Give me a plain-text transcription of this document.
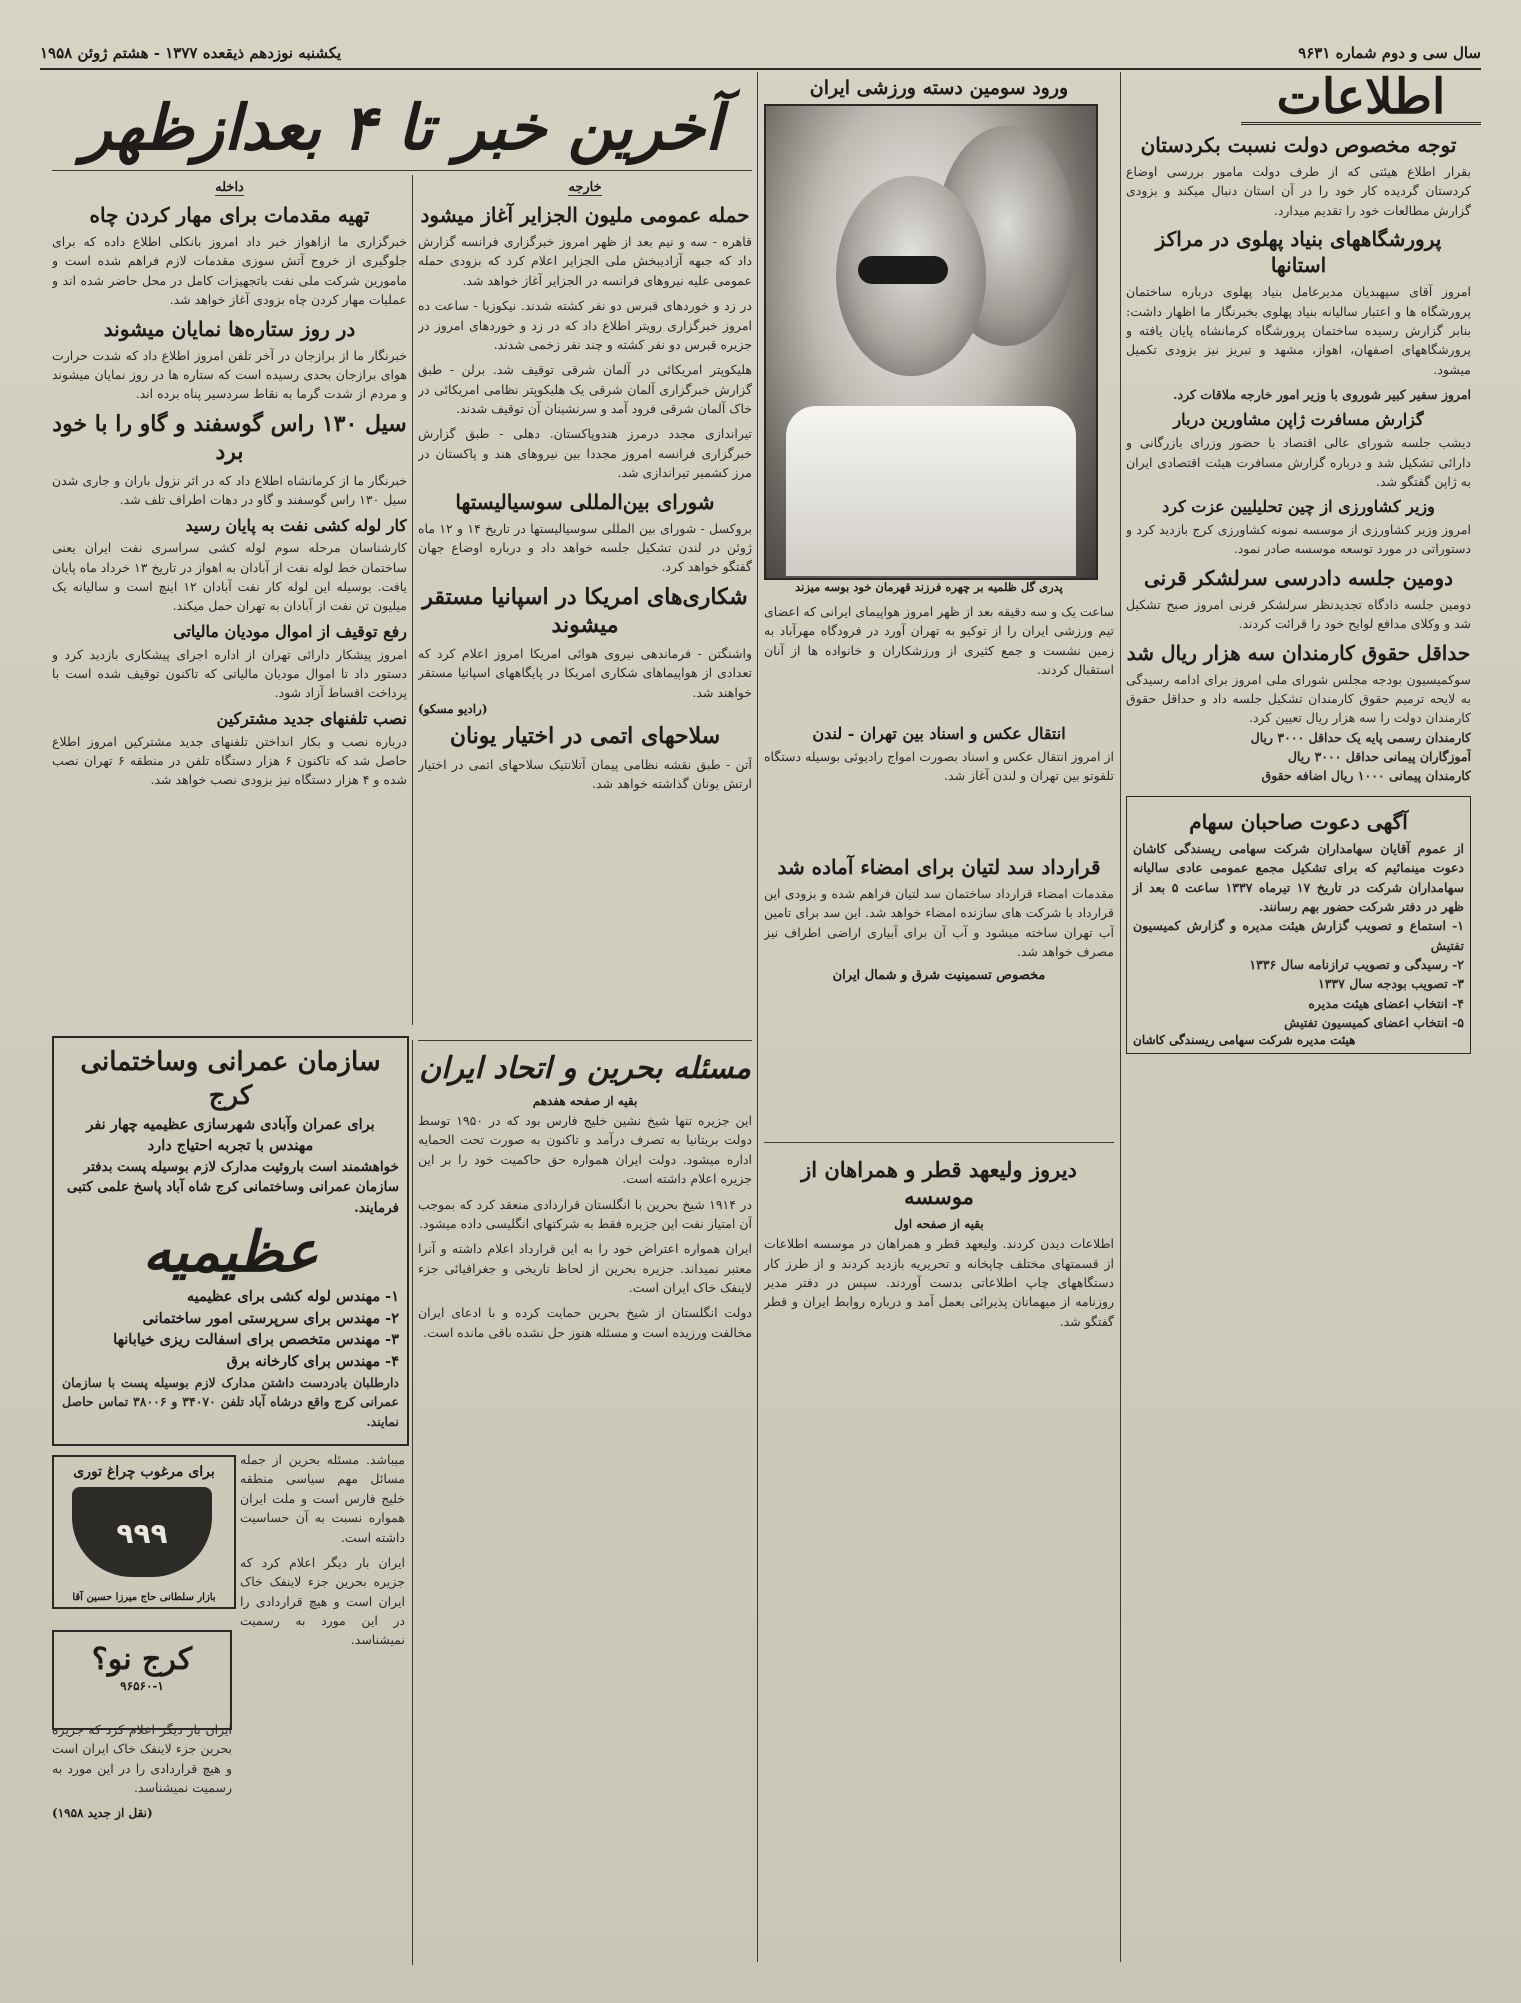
سال سی و دوم شماره ۹۶۳۱
یکشنبه نوزدهم ذیقعده ۱۳۷۷ - هشتم ژوئن ۱۹۵۸
اطلاعات
آخرین خبر تا ۴ بعدازظهر
داخله
تهیه مقدمات برای مهار کردن چاه
خبرگزاری ما ازاهواز خبر داد امروز بانکلی اطلاع داده که برای جلوگیری از خروج آتش سوزی مقدمات لازم فراهم شده است و مامورین شرکت ملی نفت باتجهیزات کامل در محل حاضر شده اند و عملیات مهار کردن چاه بزودی آغاز خواهد شد.
در روز ستاره‌ها نمایان میشوند
خبرنگار ما از برازجان در آخر تلفن امروز اطلاع داد که شدت حرارت هوای برازجان بحدی رسیده است که ستاره ها در روز نمایان میشوند و مردم از شدت گرما به نقاط سردسیر پناه برده اند.
سیل ۱۳۰ راس گوسفند و گاو را با خود برد
خبرنگار ما از کرمانشاه اطلاع داد که در اثر نزول باران و جاری شدن سیل ۱۳۰ راس گوسفند و گاو در دهات اطراف تلف شد.
کار لوله کشی نفت به پایان رسید
کارشناسان مرحله سوم لوله کشی سراسری نفت ایران یعنی ساختمان خط لوله نفت از آبادان به اهواز در تاریخ ۱۳ خرداد ماه پایان یافت. بوسیله این لوله کار نفت آبادان ۱۲ اینچ است و سالیانه یک میلیون تن نفت از آبادان به تهران حمل میکند.
رفع توقیف از اموال مودیان مالیاتی
امروز پیشکار دارائی تهران از اداره اجرای پیشکاری بازدید کرد و دستور داد تا اموال مودیان مالیاتی که تاکنون توقیف شده است با پرداخت اقساط آزاد شود.
نصب تلفنهای جدید مشترکین
درباره نصب و بکار انداختن تلفنهای جدید مشترکین امروز اطلاع حاصل شد که تاکنون ۶ هزار دستگاه تلفن در منطقه ۶ تهران نصب شده و ۴ هزار دستگاه نیز بزودی نصب خواهد شد.
خارجه
حمله عمومی ملیون الجزایر آغاز میشود
قاهره - سه و نیم بعد از ظهر امروز خبرگزاری فرانسه گزارش داد که جبهه آزادیبخش ملی الجزایر اعلام کرد که بزودی حمله عمومی علیه نیروهای فرانسه در الجزایر آغاز خواهد شد.
در زد و خوردهای قبرس دو نفر کشته شدند. نیکوزیا - ساعت ده امروز خبرگزاری رویتر اطلاع داد که در زد و خوردهای امروز در جزیره قبرس دو نفر کشته و چند نفر زخمی شدند.
هلیکوپتر امریکائی در آلمان شرقی توقیف شد. برلن - طبق گزارش خبرگزاری آلمان شرقی یک هلیکوپتر نظامی امریکائی در خاک آلمان شرقی فرود آمد و سرنشینان آن توقیف شدند.
تیراندازی مجدد درمرز هندوپاکستان. دهلی - طبق گزارش خبرگزاری فرانسه امروز مجددا بین نیروهای هند و پاکستان در مرز کشمیر تیراندازی شد.
شورای بین‌المللی سوسیالیستها
بروکسل - شورای بین المللی سوسیالیستها در تاریخ ۱۴ و ۱۲ ماه ژوئن در لندن تشکیل جلسه خواهد داد و درباره اوضاع جهان گفتگو خواهد کرد.
شکاری‌های امریکا در اسپانیا مستقر میشوند
واشنگتن - فرماندهی نیروی هوائی امریکا امروز اعلام کرد که تعدادی از هواپیماهای شکاری امریکا در پایگاههای اسپانیا مستقر خواهند شد.
(رادیو مسکو)
سلاحهای اتمی در اختیار یونان
آتن - طبق نقشه نظامی پیمان آتلانتیک سلاحهای اتمی در اختیار ارتش یونان گذاشته خواهد شد.
ورود سومین دسته ورزشی ایران
پدری گل ظلمیه بر چهره فرزند قهرمان خود بوسه میزند
ساعت یک و سه دقیقه بعد از ظهر امروز هواپیمای ایرانی که اعضای تیم ورزشی ایران را از توکیو به تهران آورد در فرودگاه مهرآباد به زمین نشست و جمع کثیری از ورزشکاران و خانواده ها از آنان استقبال کردند.
انتقال عکس و اسناد بین تهران - لندن
از امروز انتقال عکس و اسناد بصورت امواج رادیوئی بوسیله دستگاه تلفوتو بین تهران و لندن آغاز شد.
قرارداد سد لتیان برای امضاء آماده شد
مقدمات امضاء قرارداد ساختمان سد لتیان فراهم شده و بزودی این قرارداد با شرکت های سازنده امضاء خواهد شد. این سد برای تامین آب تهران ساخته میشود و آب آن برای آبیاری اراضی اطراف نیز مصرف خواهد شد.
مخصوص تسمینیت شرق و شمال ایران
دیروز ولیعهد قطر و همراهان از موسسه
بقیه از صفحه اول
اطلاعات دیدن کردند. ولیعهد قطر و همراهان در موسسه اطلاعات از قسمتهای مختلف چاپخانه و تحریریه بازدید کردند و از طرز کار دستگاههای چاپ اطلاعاتی بدست آوردند. سپس در دفتر مدیر روزنامه از میهمانان پذیرائی بعمل آمد و درباره روابط ایران و قطر گفتگو شد.
مسئله بحرین و اتحاد ایران
بقیه از صفحه هفدهم
این جزیره تنها شیخ نشین خلیج فارس بود که در ۱۹۵۰ توسط دولت بریتانیا به تصرف درآمد و تاکنون به صورت تحت الحمایه اداره میشود. دولت ایران همواره حق حاکمیت خود را بر این جزیره اعلام داشته است.
در ۱۹۱۴ شیخ بحرین با انگلستان قراردادی منعقد کرد که بموجب آن امتیاز نفت این جزیره فقط به شرکتهای انگلیسی داده میشود.
ایران همواره اعتراض خود را به این قرارداد اعلام داشته و آنرا معتبر نمیداند. جزیره بحرین از لحاظ تاریخی و جغرافیائی جزء لاینفک خاک ایران است.
دولت انگلستان از شیخ بحرین حمایت کرده و با ادعای ایران مخالفت ورزیده است و مسئله هنوز حل نشده باقی مانده است.
سازمان عمرانی وساختمانی کرج
برای عمران وآبادی شهرسازی عظیمیه چهار نفر مهندس با تجربه احتیاج دارد
خواهشمند است باروئیت مدارک لازم بوسیله پست بدفتر سازمان عمرانی وساختمانی کرج شاه آباد پاسخ علمی کتبی فرمایند.
عظیمیه
۱- مهندس لوله کشی برای عظیمیه
۲- مهندس برای سرپرستی امور ساختمانی
۳- مهندس متخصص برای اسفالت ریزی خیابانها
۴- مهندس برای کارخانه برق
دارطلبان بادردست داشتن مدارک لازم بوسیله پست با سازمان عمرانی کرج واقع درشاه آباد تلفن ۳۴۰۷۰ و ۳۸۰۰۶ تماس حاصل نمایند.
برای مرغوب چراغ توری
۹۹۹
بازار سلطانی حاج میرزا حسین آقا
کرج نو؟
۹۶۵۶۰-۱
میباشد. مسئله بحرین از جمله مسائل مهم سیاسی منطقه خلیج فارس است و ملت ایران همواره نسبت به آن حساسیت داشته است.
ایران بار دیگر اعلام کرد که جزیره بحرین جزء لاینفک خاک ایران است و هیچ قراردادی را در این مورد به رسمیت نمیشناسد.
ایران بار دیگر اعلام کرد که جزیره بحرین جزء لاینفک خاک ایران است و هیچ قراردادی را در این مورد به رسمیت نمیشناسد.
(نقل از جدید ۱۹۵۸)
توجه مخصوص دولت نسبت بکردستان
بقرار اطلاع هیئتی که از طرف دولت مامور بررسی اوضاع کردستان گردیده کار خود را در آن استان دنبال میکند و بزودی گزارش مطالعات خود را تقدیم میدارد.
پرورشگاههای بنیاد پهلوی در مراکز استانها
امروز آقای سپهبدیان مدیرعامل بنیاد پهلوی درباره ساختمان پرورشگاه ها و اعتبار سالیانه بنیاد پهلوی بخبرنگار ما اظهار داشت: بنابر گزارش رسیده ساختمان پرورشگاه کرمانشاه پایان یافته و پرورشگاههای اصفهان، اهواز، مشهد و تبریز نیز بزودی تکمیل میشود.
امروز سفیر کبیر شوروی با وزیر امور خارجه ملاقات کرد.
گزارش مسافرت ژاپن مشاورین دربار
دیشب جلسه شورای عالی اقتصاد با حضور وزرای بازرگانی و دارائی تشکیل شد و درباره گزارش مسافرت هیئت اقتصادی ایران به ژاپن گفتگو شد.
وزیر کشاورزی از چین تحلیلیین عزت کرد
امروز وزیر کشاورزی از موسسه نمونه کشاورزی کرج بازدید کرد و دستوراتی در مورد توسعه موسسه صادر نمود.
دومین جلسه دادرسی سرلشکر قرنی
دومین جلسه دادگاه تجدیدنظر سرلشکر قرنی امروز صبح تشکیل شد و وکلای مدافع لوایح خود را قرائت کردند.
حداقل حقوق کارمندان سه هزار ریال شد
سوکمیسیون بودجه مجلس شورای ملی امروز برای ادامه رسیدگی به لایحه ترمیم حقوق کارمندان تشکیل جلسه داد و حداقل حقوق کارمندان دولت را سه هزار ریال تعیین کرد.
کارمندان رسمی پایه یک حداقل ۳۰۰۰ ریال
آموزگاران پیمانی حداقل ۳۰۰۰ ریال
کارمندان پیمانی ۱۰۰۰ ریال اضافه حقوق
آگهی دعوت صاحبان سهام
از عموم آقایان سهامداران شرکت سهامی ریسندگی کاشان دعوت مینمائیم که برای تشکیل مجمع عمومی عادی سالیانه سهامداران شرکت در تاریخ ۱۷ تیرماه ۱۳۳۷ ساعت ۵ بعد از ظهر در دفتر شرکت حضور بهم رسانند.
۱- استماع و تصویب گزارش هیئت مدیره و گزارش کمیسیون تفتیش
۲- رسیدگی و تصویب ترازنامه سال ۱۳۳۶
۳- تصویب بودجه سال ۱۳۳۷
۴- انتخاب اعضای هیئت مدیره
۵- انتخاب اعضای کمیسیون تفتیش
هیئت مدیره شرکت سهامی ریسندگی کاشان
